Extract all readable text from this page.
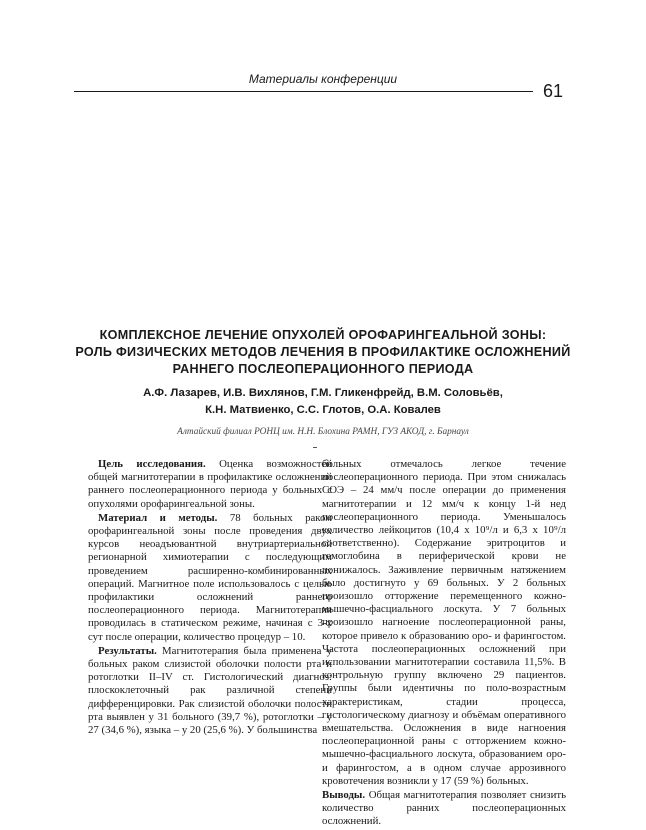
Материалы конференции
61
КОМПЛЕКСНОЕ ЛЕЧЕНИЕ ОПУХОЛЕЙ ОРОФАРИНГЕАЛЬНОЙ ЗОНЫ:
РОЛЬ ФИЗИЧЕСКИХ МЕТОДОВ ЛЕЧЕНИЯ В ПРОФИЛАКТИКЕ ОСЛОЖНЕНИЙ
РАННЕГО ПОСЛЕОПЕРАЦИОННОГО ПЕРИОДА
А.Ф. Лазарев, И.В. Вихлянов, Г.М. Гликенфрейд, В.М. Соловьёв,
К.Н. Матвиенко, С.С. Глотов, О.А. Ковалев
Алтайский филиал РОНЦ им. Н.Н. Блохина РАМН, ГУЗ АКОД, г. Барнаул

Цель исследования. Оценка возможностей общей магнитотерапии в профилактике осложнений раннего послеоперационного периода у больных с опухолями орофарингеальной зоны.

Материал и методы. 78 больных раком орофарингеальной зоны после проведения двух курсов неоадъювантной внутриартериальной регионарной химиотерапии с последующим проведением расширенно-комбинированных операций. Магнитное поле использовалось с целью профилактики осложнений раннего послеоперационного периода. Магнитотерапия проводилась в статическом режиме, начиная с 3-х сут после операции, количество процедур – 10.

Результаты. Магнитотерапия была применена у больных раком слизистой оболочки полости рта и ротоглотки II–IV ст. Гистологический диагноз: плоскоклеточный рак различной степени дифференцировки. Рак слизистой оболочки полости рта выявлен у 31 больного (39,7 %), ротоглотки – у 27 (34,6 %), языка – у 20 (25,6 %). У большинства

больных отмечалось легкое течение послеоперационного периода. При этом снижалась СОЭ – 24 мм/ч после операции до применения магнитотерапии и 12 мм/ч к концу 1-й нед послеоперационного периода. Уменьшалось количество лейкоцитов (10,4 х 10⁹/л и 6,3 х 10⁹/л соответственно). Содержание эритроцитов и гемоглобина в периферической крови не понижалось. Заживление первичным натяжением было достигнуто у 69 больных. У 2 больных произошло отторжение перемещенного кожно-мышечно-фасциального лоскута. У 7 больных произошло нагноение послеоперационной раны, которое привело к образованию оро- и фарингостом. Частота послеоперационных осложнений при использовании магнитотерапии составила 11,5%. В контрольную группу включено 29 пациентов. Группы были идентичны по поло-возрастным характеристикам, стадии процесса, гистологическому диагнозу и объёмам оперативного вмешательства. Осложнения в виде нагноения послеоперационной раны с отторжением кожно-мышечно-фасциального лоскута, образованием оро- и фарингостом, а в одном случае аррозивного кровотечения возникли у 17 (59 %) больных.

Выводы. Общая магнитотерапия позволяет снизить количество ранних послеоперационных осложнений.
